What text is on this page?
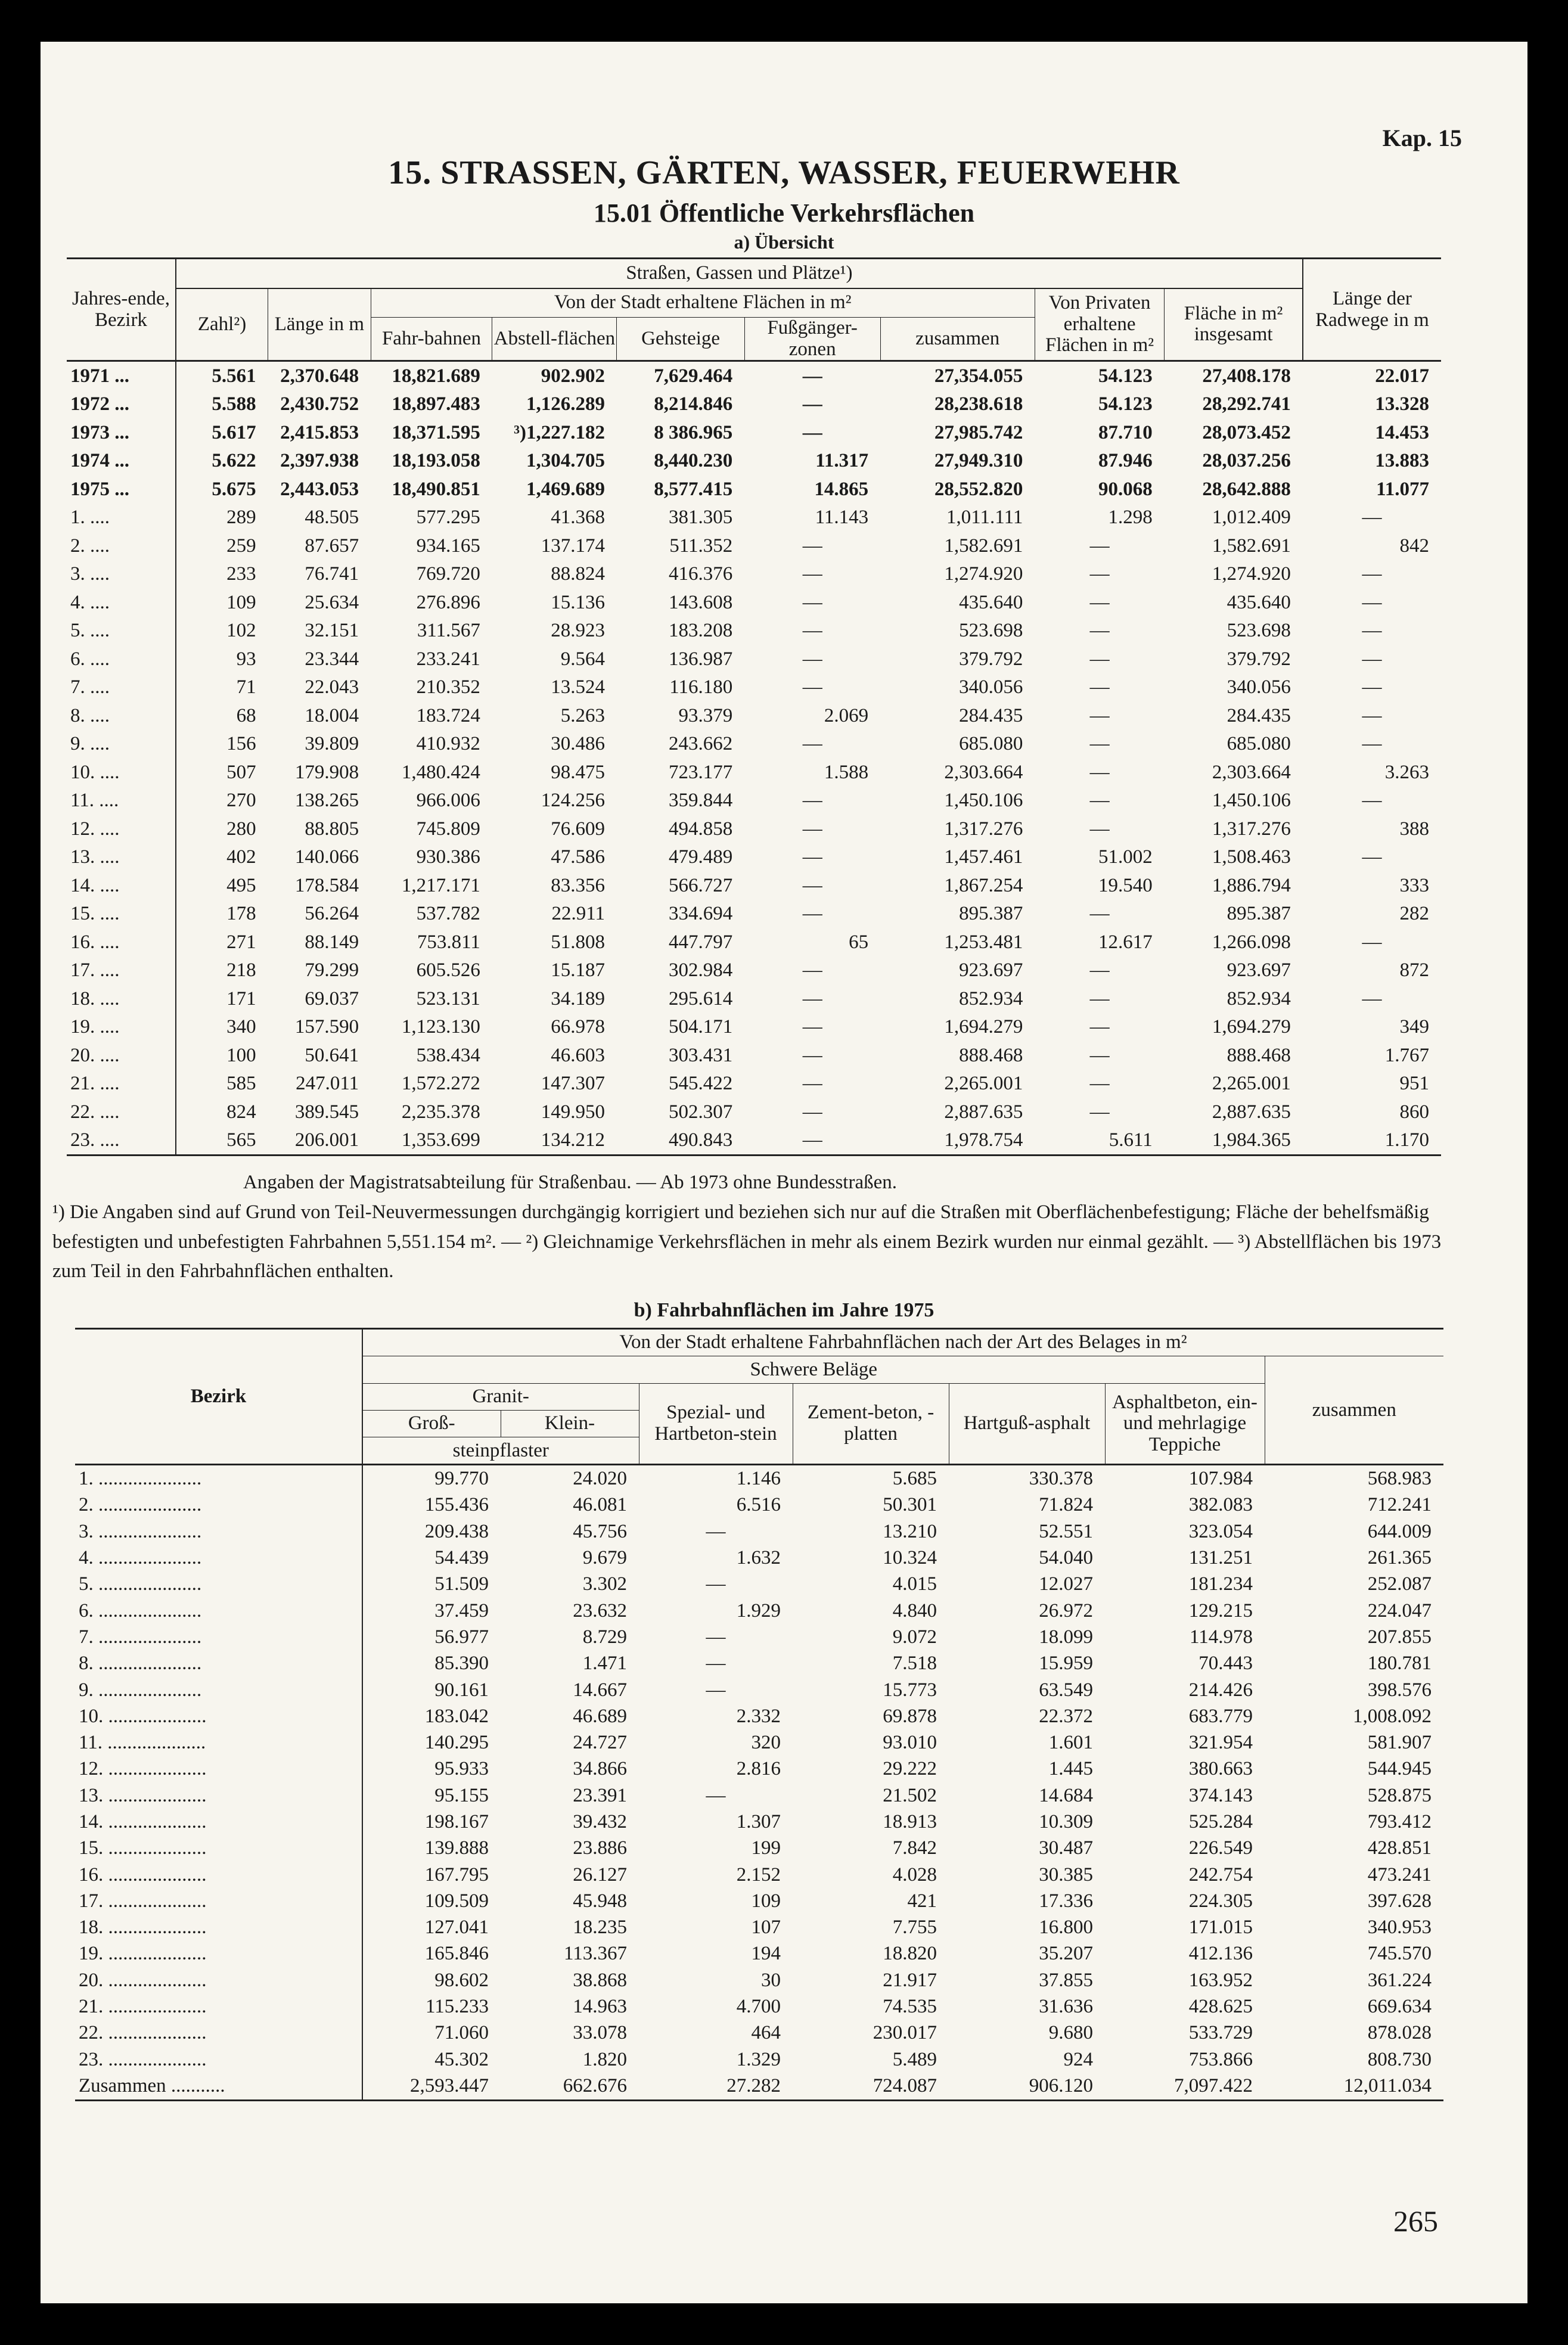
Kap. 15
15. STRASSEN, GÄRTEN, WASSER, FEUERWEHR
15.01 Öffentliche Verkehrsflächen
a) Übersicht
Jahres-ende, Bezirk	Straßen, Gassen und Plätze¹)									Länge der Radwege in m
	Zahl²)	Länge in m	Von der Stadt erhaltene Flächen in m²					Von Privaten erhaltene Flächen in m²	Fläche in m² insgesamt	
			Fahr-bahnen	Abstell-flächen	Gehsteige	Fußgänger-zonen	zusammen			

1971 ...	5.561	2,370.648	18,821.689	902.902	7,629.464	—	27,354.055	54.123	27,408.178	22.017
1972 ...	5.588	2,430.752	18,897.483	1,126.289	8,214.846	—	28,238.618	54.123	28,292.741	13.328
1973 ...	5.617	2,415.853	18,371.595	³)1,227.182	8 386.965	—	27,985.742	87.710	28,073.452	14.453
1974 ...	5.622	2,397.938	18,193.058	1,304.705	8,440.230	11.317	27,949.310	87.946	28,037.256	13.883
1975 ...	5.675	2,443.053	18,490.851	1,469.689	8,577.415	14.865	28,552.820	90.068	28,642.888	11.077
1. ....	289	48.505	577.295	41.368	381.305	11.143	1,011.111	1.298	1,012.409	—
2. ....	259	87.657	934.165	137.174	511.352	—	1,582.691	—	1,582.691	842
3. ....	233	76.741	769.720	88.824	416.376	—	1,274.920	—	1,274.920	—
4. ....	109	25.634	276.896	15.136	143.608	—	435.640	—	435.640	—
5. ....	102	32.151	311.567	28.923	183.208	—	523.698	—	523.698	—
6. ....	93	23.344	233.241	9.564	136.987	—	379.792	—	379.792	—
7. ....	71	22.043	210.352	13.524	116.180	—	340.056	—	340.056	—
8. ....	68	18.004	183.724	5.263	93.379	2.069	284.435	—	284.435	—
9. ....	156	39.809	410.932	30.486	243.662	—	685.080	—	685.080	—
10. ....	507	179.908	1,480.424	98.475	723.177	1.588	2,303.664	—	2,303.664	3.263
11. ....	270	138.265	966.006	124.256	359.844	—	1,450.106	—	1,450.106	—
12. ....	280	88.805	745.809	76.609	494.858	—	1,317.276	—	1,317.276	388
13. ....	402	140.066	930.386	47.586	479.489	—	1,457.461	51.002	1,508.463	—
14. ....	495	178.584	1,217.171	83.356	566.727	—	1,867.254	19.540	1,886.794	333
15. ....	178	56.264	537.782	22.911	334.694	—	895.387	—	895.387	282
16. ....	271	88.149	753.811	51.808	447.797	65	1,253.481	12.617	1,266.098	—
17. ....	218	79.299	605.526	15.187	302.984	—	923.697	—	923.697	872
18. ....	171	69.037	523.131	34.189	295.614	—	852.934	—	852.934	—
19. ....	340	157.590	1,123.130	66.978	504.171	—	1,694.279	—	1,694.279	349
20. ....	100	50.641	538.434	46.603	303.431	—	888.468	—	888.468	1.767
21. ....	585	247.011	1,572.272	147.307	545.422	—	2,265.001	—	2,265.001	951
22. ....	824	389.545	2,235.378	149.950	502.307	—	2,887.635	—	2,887.635	860
23. ....	565	206.001	1,353.699	134.212	490.843	—	1,978.754	5.611	1,984.365	1.170
Angaben der Magistratsabteilung für Straßenbau. — Ab 1973 ohne Bundesstraßen.
¹) Die Angaben sind auf Grund von Teil-Neuvermessungen durchgängig korrigiert und beziehen sich nur auf die Straßen mit Oberflächenbefestigung; Fläche der behelfsmäßig befestigten und unbefestigten Fahrbahnen 5,551.154 m². — ²) Gleichnamige Verkehrsflächen in mehr als einem Bezirk wurden nur einmal gezählt. — ³) Abstellflächen bis 1973 zum Teil in den Fahrbahnflächen enthalten.
b) Fahrbahnflächen im Jahre 1975
Bezirk	Von der Stadt erhaltene Fahrbahnflächen nach der Art des Belages in m²						
	Schwere Beläge						zusammen
	Granit-		Spezial- und Hartbeton-stein	Zement-beton, -platten	Hartguß-asphalt	Asphaltbeton, ein- und mehrlagige Teppiche	
	Groß-	Klein-					
	steinpflaster						
1. .....................	99.770	24.020	1.146	5.685	330.378	107.984	568.983
2. .....................	155.436	46.081	6.516	50.301	71.824	382.083	712.241
3. .....................	209.438	45.756	—	13.210	52.551	323.054	644.009
4. .....................	54.439	9.679	1.632	10.324	54.040	131.251	261.365
5. .....................	51.509	3.302	—	4.015	12.027	181.234	252.087
6. .....................	37.459	23.632	1.929	4.840	26.972	129.215	224.047
7. .....................	56.977	8.729	—	9.072	18.099	114.978	207.855
8. .....................	85.390	1.471	—	7.518	15.959	70.443	180.781
9. .....................	90.161	14.667	—	15.773	63.549	214.426	398.576
10. ....................	183.042	46.689	2.332	69.878	22.372	683.779	1,008.092
11. ....................	140.295	24.727	320	93.010	1.601	321.954	581.907
12. ....................	95.933	34.866	2.816	29.222	1.445	380.663	544.945
13. ....................	95.155	23.391	—	21.502	14.684	374.143	528.875
14. ....................	198.167	39.432	1.307	18.913	10.309	525.284	793.412
15. ....................	139.888	23.886	199	7.842	30.487	226.549	428.851
16. ....................	167.795	26.127	2.152	4.028	30.385	242.754	473.241
17. ....................	109.509	45.948	109	421	17.336	224.305	397.628
18. ....................	127.041	18.235	107	7.755	16.800	171.015	340.953
19. ....................	165.846	113.367	194	18.820	35.207	412.136	745.570
20. ....................	98.602	38.868	30	21.917	37.855	163.952	361.224
21. ....................	115.233	14.963	4.700	74.535	31.636	428.625	669.634
22. ....................	71.060	33.078	464	230.017	9.680	533.729	878.028
23. ....................	45.302	1.820	1.329	5.489	924	753.866	808.730
Zusammen ...........	2,593.447	662.676	27.282	724.087	906.120	7,097.422	12,011.034
265
